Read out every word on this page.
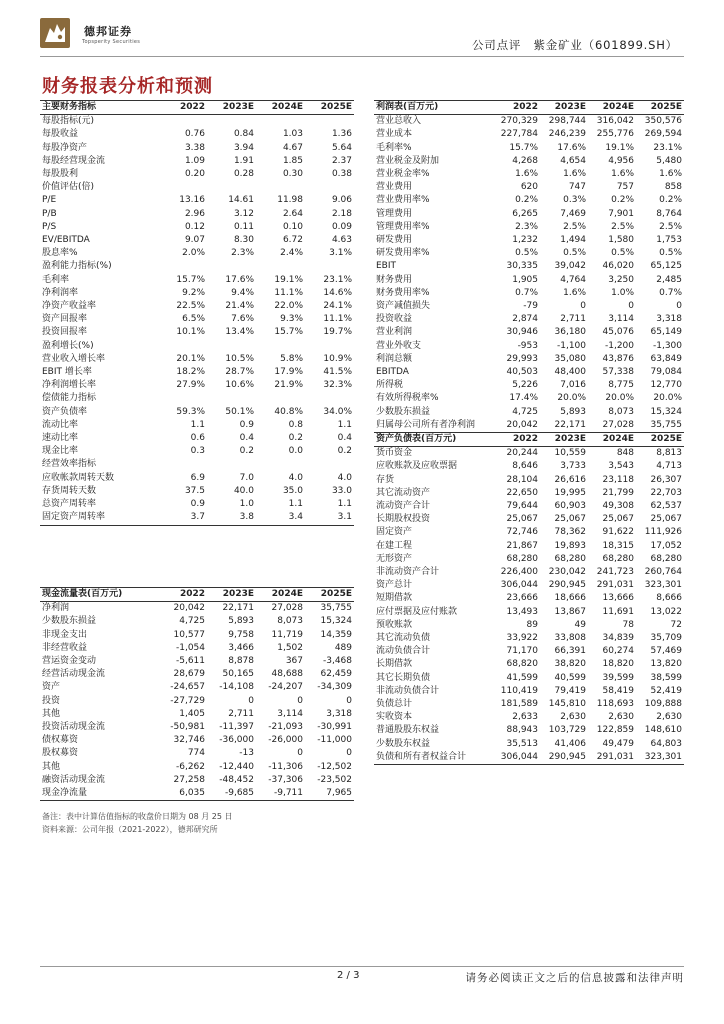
德邦证券
Topsperity Securities	公司点评　紫金矿业（601899.SH）
财务报表分析和预测
主要财务指标	2022	2023E	2024E	2025E
每股指标(元)				
每股收益	0.76	0.84	1.03	1.36
每股净资产	3.38	3.94	4.67	5.64
每股经营现金流	1.09	1.91	1.85	2.37
每股股利	0.20	0.28	0.30	0.38
价值评估(倍)				
P/E	13.16	14.61	11.98	9.06
P/B	2.96	3.12	2.64	2.18
P/S	0.12	0.11	0.10	0.09
EV/EBITDA	9.07	8.30	6.72	4.63
股息率%	2.0%	2.3%	2.4%	3.1%
盈利能力指标(%)				
毛利率	15.7%	17.6%	19.1%	23.1%
净利润率	9.2%	9.4%	11.1%	14.6%
净资产收益率	22.5%	21.4%	22.0%	24.1%
资产回报率	6.5%	7.6%	9.3%	11.1%
投资回报率	10.1%	13.4%	15.7%	19.7%
盈利增长(%)				
营业收入增长率	20.1%	10.5%	5.8%	10.9%
EBIT 增长率	18.2%	28.7%	17.9%	41.5%
净利润增长率	27.9%	10.6%	21.9%	32.3%
偿债能力指标				
资产负债率	59.3%	50.1%	40.8%	34.0%
流动比率	1.1	0.9	0.8	1.1
速动比率	0.6	0.4	0.2	0.4
现金比率	0.3	0.2	0.0	0.2
经营效率指标				
应收帐款周转天数	6.9	7.0	4.0	4.0
存货周转天数	37.5	40.0	35.0	33.0
总资产周转率	0.9	1.0	1.1	1.1
固定资产周转率	3.7	3.8	3.4	3.1
现金流量表(百万元)	2022	2023E	2024E	2025E
净利润	20,042	22,171	27,028	35,755
少数股东损益	4,725	5,893	8,073	15,324
非现金支出	10,577	9,758	11,719	14,359
非经营收益	-1,054	3,466	1,502	489
营运资金变动	-5,611	8,878	367	-3,468
经营活动现金流	28,679	50,165	48,688	62,459
资产	-24,657	-14,108	-24,207	-34,309
投资	-27,729	0	0	0
其他	1,405	2,711	3,114	3,318
投资活动现金流	-50,981	-11,397	-21,093	-30,991
债权募资	32,746	-36,000	-26,000	-11,000
股权募资	774	-13	0	0
其他	-6,262	-12,440	-11,306	-12,502
融资活动现金流	27,258	-48,452	-37,306	-23,502
现金净流量	6,035	-9,685	-9,711	7,965
利润表(百万元)	2022	2023E	2024E	2025E
营业总收入	270,329	298,744	316,042	350,576
营业成本	227,784	246,239	255,776	269,594
毛利率%	15.7%	17.6%	19.1%	23.1%
营业税金及附加	4,268	4,654	4,956	5,480
营业税金率%	1.6%	1.6%	1.6%	1.6%
营业费用	620	747	757	858
营业费用率%	0.2%	0.3%	0.2%	0.2%
管理费用	6,265	7,469	7,901	8,764
管理费用率%	2.3%	2.5%	2.5%	2.5%
研发费用	1,232	1,494	1,580	1,753
研发费用率%	0.5%	0.5%	0.5%	0.5%
EBIT	30,335	39,042	46,020	65,125
财务费用	1,905	4,764	3,250	2,485
财务费用率%	0.7%	1.6%	1.0%	0.7%
资产减值损失	-79	0	0	0
投资收益	2,874	2,711	3,114	3,318
营业利润	30,946	36,180	45,076	65,149
营业外收支	-953	-1,100	-1,200	-1,300
利润总额	29,993	35,080	43,876	63,849
EBITDA	40,503	48,400	57,338	79,084
所得税	5,226	7,016	8,775	12,770
有效所得税率%	17.4%	20.0%	20.0%	20.0%
少数股东损益	4,725	5,893	8,073	15,324
归属母公司所有者净利润	20,042	22,171	27,028	35,755
资产负债表(百万元)	2022	2023E	2024E	2025E
货币资金	20,244	10,559	848	8,813
应收账款及应收票据	8,646	3,733	3,543	4,713
存货	28,104	26,616	23,118	26,307
其它流动资产	22,650	19,995	21,799	22,703
流动资产合计	79,644	60,903	49,308	62,537
长期股权投资	25,067	25,067	25,067	25,067
固定资产	72,746	78,362	91,622	111,926
在建工程	21,867	19,893	18,315	17,052
无形资产	68,280	68,280	68,280	68,280
非流动资产合计	226,400	230,042	241,723	260,764
资产总计	306,044	290,945	291,031	323,301
短期借款	23,666	18,666	13,666	8,666
应付票据及应付账款	13,493	13,867	11,691	13,022
预收账款	89	49	78	72
其它流动负债	33,922	33,808	34,839	35,709
流动负债合计	71,170	66,391	60,274	57,469
长期借款	68,820	38,820	18,820	13,820
其它长期负债	41,599	40,599	39,599	38,599
非流动负债合计	110,419	79,419	58,419	52,419
负债总计	181,589	145,810	118,693	109,888
实收资本	2,633	2,630	2,630	2,630
普通股股东权益	88,943	103,729	122,859	148,610
少数股东权益	35,513	41,406	49,479	64,803
负债和所有者权益合计	306,044	290,945	291,031	323,301
备注：表中计算估值指标的收盘价日期为 08 月 25 日
资料来源：公司年报（2021-2022），德邦研究所
2 / 3	请务必阅读正文之后的信息披露和法律声明
